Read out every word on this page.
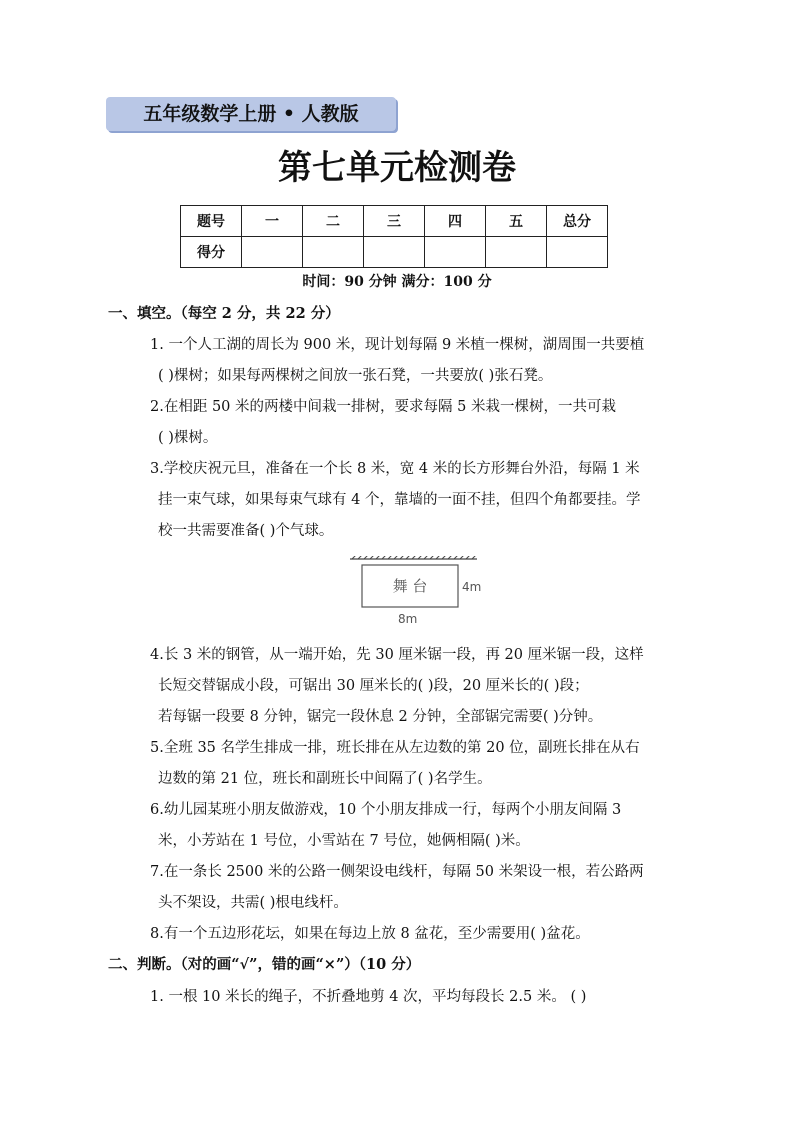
五年级数学上册 • 人教版
第七单元检测卷
题号	一	二	三	四	五	总分
得分						
时间：90 分钟 满分：100 分
一、填空。（每空 2 分，共 22 分）
1. 一个人工湖的周长为 900 米，现计划每隔 9 米植一棵树，湖周围一共要植
( )棵树；如果每两棵树之间放一张石凳，一共要放( )张石凳。
2.在相距 50 米的两楼中间栽一排树，要求每隔 5 米栽一棵树，一共可栽
( )棵树。
3.学校庆祝元旦，准备在一个长 8 米，宽 4 米的长方形舞台外沿，每隔 1 米
挂一束气球，如果每束气球有 4 个，靠墙的一面不挂，但四个角都要挂。学
校一共需要准备( )个气球。
舞 台	4m
8m
4.长 3 米的钢管，从一端开始，先 30 厘米锯一段，再 20 厘米锯一段，这样
长短交替锯成小段，可锯出 30 厘米长的( )段，20 厘米长的( )段；
若每锯一段要 8 分钟，锯完一段休息 2 分钟，全部锯完需要( )分钟。
5.全班 35 名学生排成一排，班长排在从左边数的第 20 位，副班长排在从右
边数的第 21 位，班长和副班长中间隔了( )名学生。
6.幼儿园某班小朋友做游戏，10 个小朋友排成一行，每两个小朋友间隔 3
米，小芳站在 1 号位，小雪站在 7 号位，她俩相隔( )米。
7.在一条长 2500 米的公路一侧架设电线杆，每隔 50 米架设一根，若公路两
头不架设，共需( )根电线杆。
8.有一个五边形花坛，如果在每边上放 8 盆花，至少需要用( )盆花。
二、判断。（对的画“√”，错的画“×”）（10 分）
1. 一根 10 米长的绳子，不折叠地剪 4 次，平均每段长 2.5 米。 ( )
